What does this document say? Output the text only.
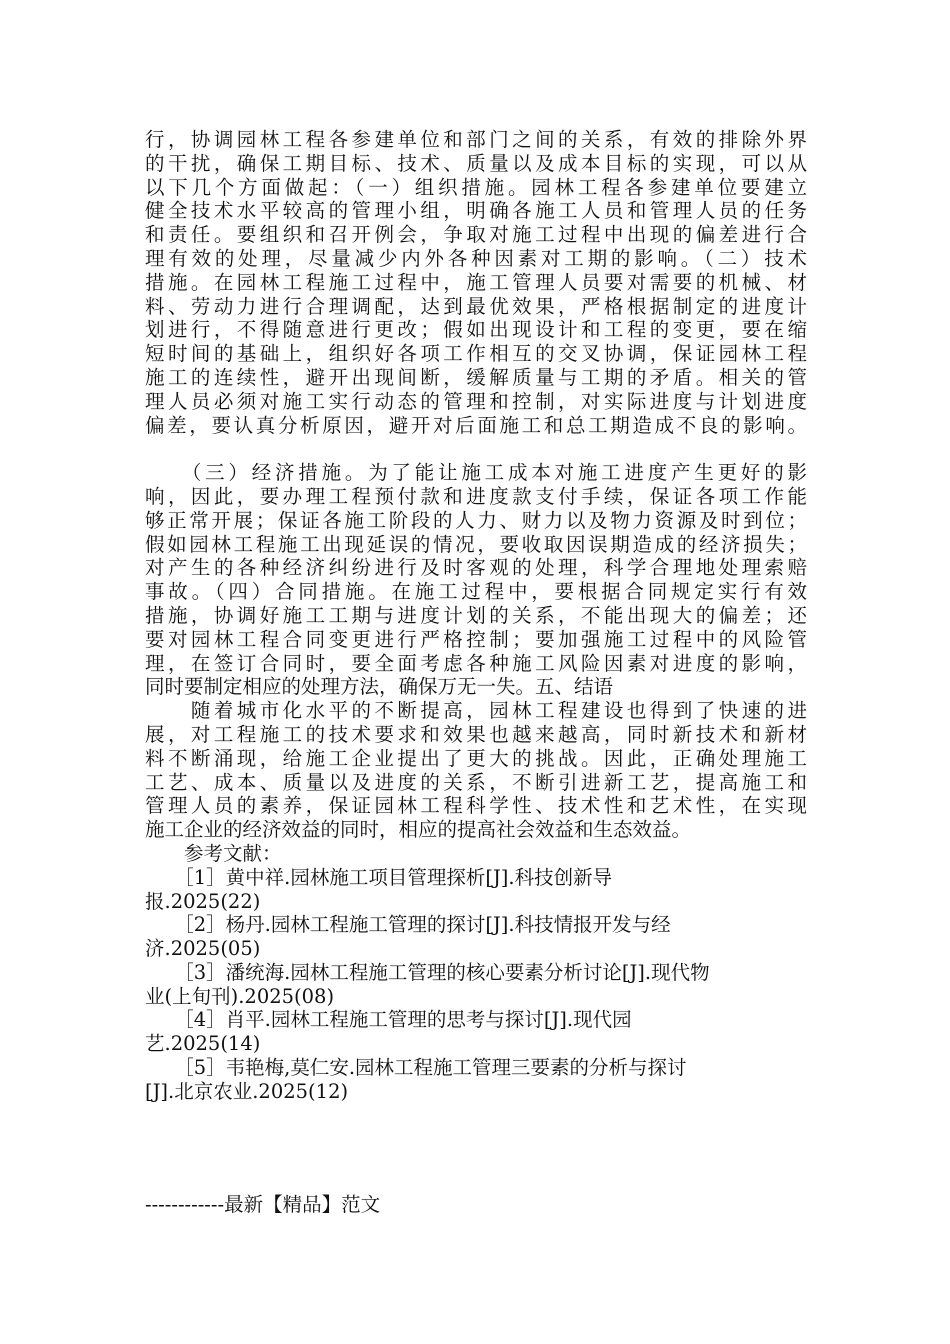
行，协调园林工程各参建单位和部门之间的关系，有效的排除外界
的干扰，确保工期目标、技术、质量以及成本目标的实现，可以从
以下几个方面做起：（一）组织措施。园林工程各参建单位要建立
健全技术水平较高的管理小组，明确各施工人员和管理人员的任务
和责任。要组织和召开例会，争取对施工过程中出现的偏差进行合
理有效的处理，尽量减少内外各种因素对工期的影响。（二）技术
措施。在园林工程施工过程中，施工管理人员要对需要的机械、材
料、劳动力进行合理调配，达到最优效果，严格根据制定的进度计
划进行，不得随意进行更改；假如出现设计和工程的变更，要在缩
短时间的基础上，组织好各项工作相互的交叉协调，保证园林工程
施工的连续性，避开出现间断，缓解质量与工期的矛盾。相关的管
理人员必须对施工实行动态的管理和控制，对实际进度与计划进度
偏差，要认真分析原因，避开对后面施工和总工期造成不良的影响。
　　（三）经济措施。为了能让施工成本对施工进度产生更好的影
响，因此，要办理工程预付款和进度款支付手续，保证各项工作能
够正常开展；保证各施工阶段的人力、财力以及物力资源及时到位；
假如园林工程施工出现延误的情况，要收取因误期造成的经济损失；
对产生的各种经济纠纷进行及时客观的处理，科学合理地处理索赔
事故。（四）合同措施。在施工过程中，要根据合同规定实行有效
措施，协调好施工工期与进度计划的关系，不能出现大的偏差；还
要对园林工程合同变更进行严格控制；要加强施工过程中的风险管
理，在签订合同时，要全面考虑各种施工风险因素对进度的影响，
同时要制定相应的处理方法，确保万无一失。五、结语
　　随着城市化水平的不断提高，园林工程建设也得到了快速的进
展，对工程施工的技术要求和效果也越来越高，同时新技术和新材
料不断涌现，给施工企业提出了更大的挑战。因此，正确处理施工
工艺、成本、质量以及进度的关系，不断引进新工艺，提高施工和
管理人员的素养，保证园林工程科学性、技术性和艺术性，在实现
施工企业的经济效益的同时，相应的提高社会效益和生态效益。
　　参考文献：
　　［1］黄中祥.园林施工项目管理探析[J].科技创新导
报.2025(22)
　　［2］杨丹.园林工程施工管理的探讨[J].科技情报开发与经
济.2025(05)
　　［3］潘统海.园林工程施工管理的核心要素分析讨论[J].现代物
业(上旬刊).2025(08)
　　［4］肖平.园林工程施工管理的思考与探讨[J].现代园
艺.2025(14)
　　［5］韦艳梅,莫仁安.园林工程施工管理三要素的分析与探讨
[J].北京农业.2025(12)
------------最新【精品】范文
